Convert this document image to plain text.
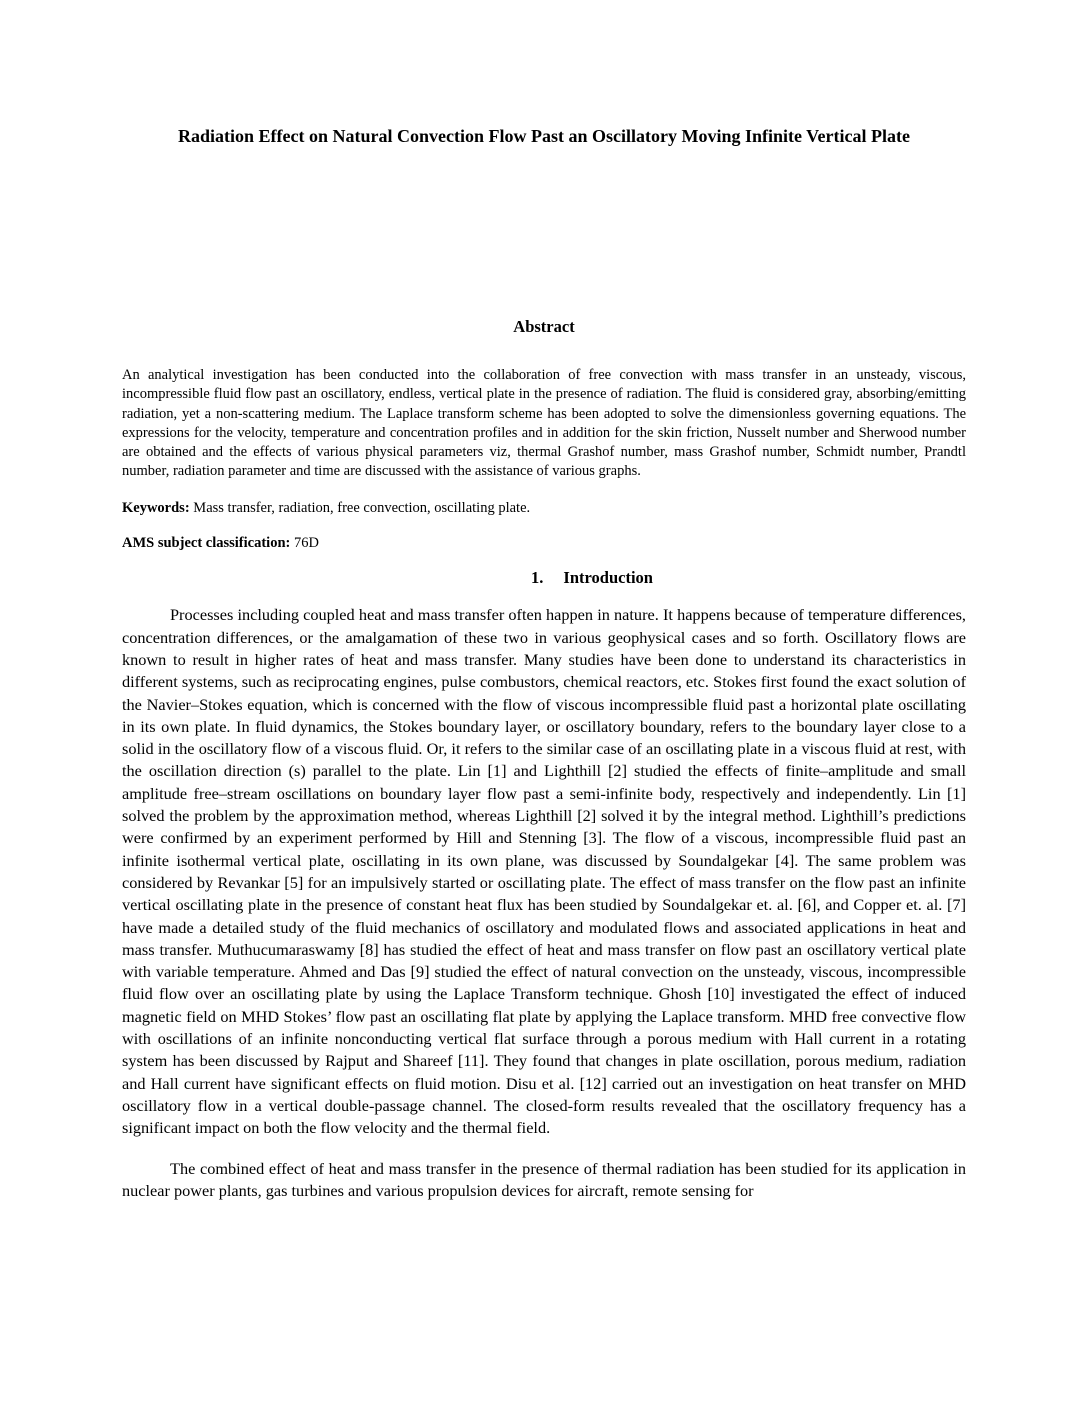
Radiation Effect on Natural Convection Flow Past an Oscillatory Moving Infinite Vertical Plate
Abstract

An analytical investigation has been conducted into the collaboration of free convection with mass transfer in an unsteady, viscous, incompressible fluid flow past an oscillatory, endless, vertical plate in the presence of radiation. The fluid is considered gray, absorbing/emitting radiation, yet a non-scattering medium. The Laplace transform scheme has been adopted to solve the dimensionless governing equations. The expressions for the velocity, temperature and concentration profiles and in addition for the skin friction, Nusselt number and Sherwood number are obtained and the effects of various physical parameters viz, thermal Grashof number, mass Grashof number, Schmidt number, Prandtl number, radiation parameter and time are discussed with the assistance of various graphs.

Keywords: Mass transfer, radiation, free convection, oscillating plate.

AMS subject classification: 76D

1. Introduction

Processes including coupled heat and mass transfer often happen in nature. It happens because of temperature differences, concentration differences, or the amalgamation of these two in various geophysical cases and so forth. Oscillatory flows are known to result in higher rates of heat and mass transfer. Many studies have been done to understand its characteristics in different systems, such as reciprocating engines, pulse combustors, chemical reactors, etc. Stokes first found the exact solution of the Navier–Stokes equation, which is concerned with the flow of viscous incompressible fluid past a horizontal plate oscillating in its own plate. In fluid dynamics, the Stokes boundary layer, or oscillatory boundary, refers to the boundary layer close to a solid in the oscillatory flow of a viscous fluid. Or, it refers to the similar case of an oscillating plate in a viscous fluid at rest, with the oscillation direction (s) parallel to the plate. Lin [1] and Lighthill [2] studied the effects of finite–amplitude and small amplitude free–stream oscillations on boundary layer flow past a semi-infinite body, respectively and independently. Lin [1] solved the problem by the approximation method, whereas Lighthill [2] solved it by the integral method. Lighthill’s predictions were confirmed by an experiment performed by Hill and Stenning [3]. The flow of a viscous, incompressible fluid past an infinite isothermal vertical plate, oscillating in its own plane, was discussed by Soundalgekar [4]. The same problem was considered by Revankar [5] for an impulsively started or oscillating plate. The effect of mass transfer on the flow past an infinite vertical oscillating plate in the presence of constant heat flux has been studied by Soundalgekar et. al. [6], and Copper et. al. [7] have made a detailed study of the fluid mechanics of oscillatory and modulated flows and associated applications in heat and mass transfer. Muthucumaraswamy [8] has studied the effect of heat and mass transfer on flow past an oscillatory vertical plate with variable temperature. Ahmed and Das [9] studied the effect of natural convection on the unsteady, viscous, incompressible fluid flow over an oscillating plate by using the Laplace Transform technique. Ghosh [10] investigated the effect of induced magnetic field on MHD Stokes’ flow past an oscillating flat plate by applying the Laplace transform. MHD free convective flow with oscillations of an infinite nonconducting vertical flat surface through a porous medium with Hall current in a rotating system has been discussed by Rajput and Shareef [11]. They found that changes in plate oscillation, porous medium, radiation and Hall current have significant effects on fluid motion. Disu et al. [12] carried out an investigation on heat transfer on MHD oscillatory flow in a vertical double-passage channel. The closed-form results revealed that the oscillatory frequency has a significant impact on both the flow velocity and the thermal field.

The combined effect of heat and mass transfer in the presence of thermal radiation has been studied for its application in nuclear power plants, gas turbines and various propulsion devices for aircraft, remote sensing for
